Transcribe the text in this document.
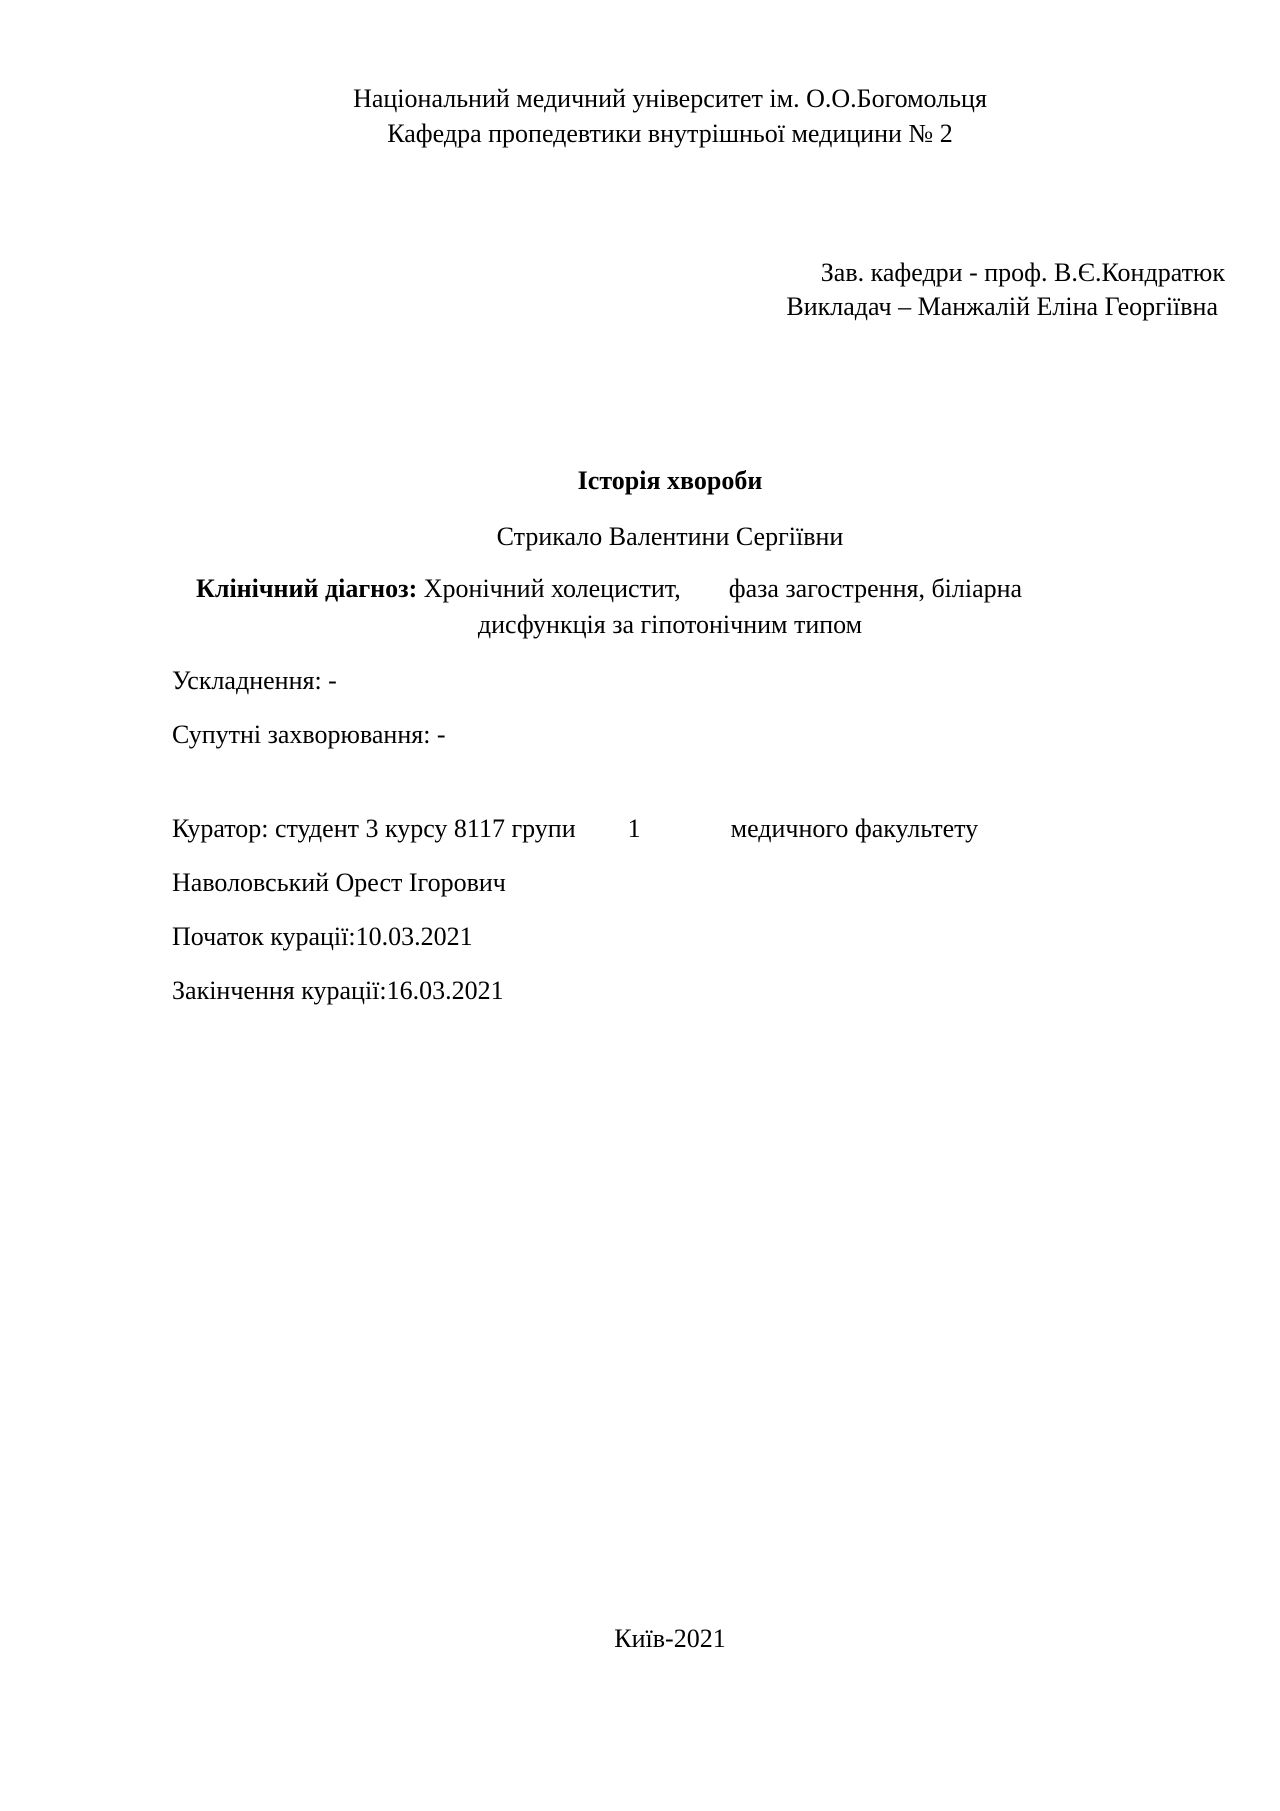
Національний медичний університет ім. О.О.Богомольця
Кафедра пропедевтики внутрішньої медицини № 2
Зав. кафедри - проф. В.Є.Кондратюк
Викладач – Манжалій Еліна Георгіївна
Історія хвороби
Стрикало Валентини Сергіївни
Клінічний діагноз: Хронічний холецистит, фаза загострення, біліарна
дисфункція за гіпотонічним типом
Ускладнення: -
Супутні захворювання: -
Куратор: студент 3 курсу 8117 групи 1	медичного факультету
Наволовський Орест Ігорович
Початок курації:10.03.2021
Закінчення курації:16.03.2021
Київ-2021
